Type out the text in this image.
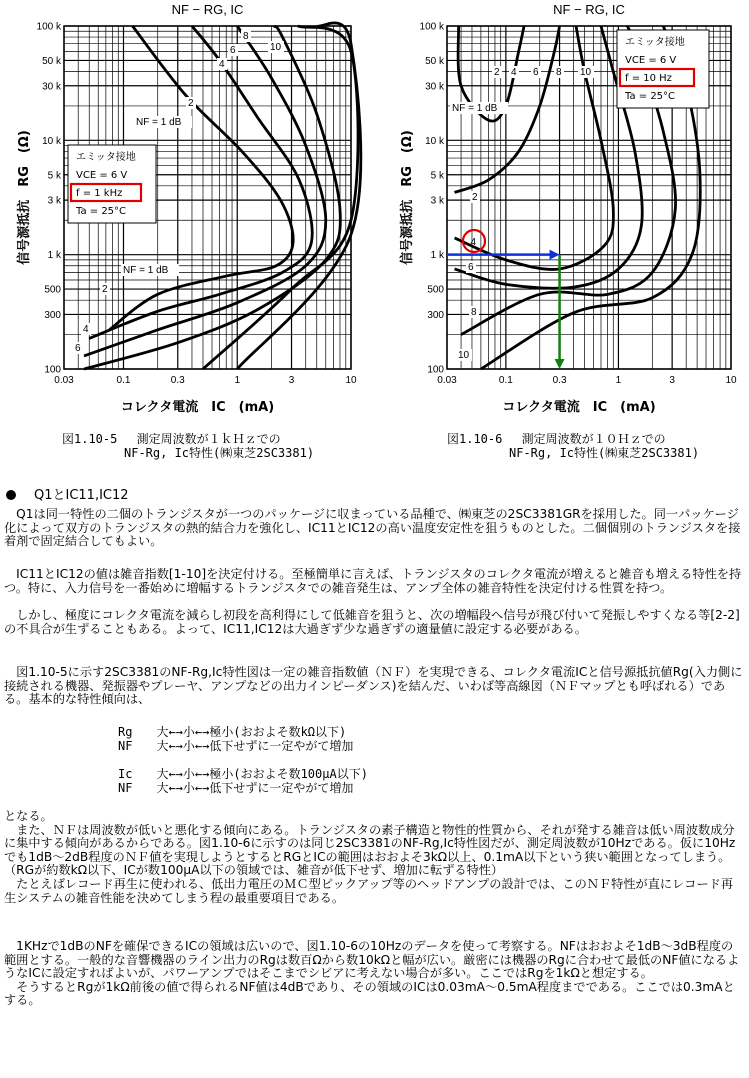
NF − RG, IC
0.03	0.1	0.3	1	3	10
100
300
500
1 k
3 k
5 k
10 k
30 k
50 k
100 k
コレクタ電流　IC　(mA)
信号源抵抗　RG　(Ω)
NF = 1 dB
2
4
6
NF = 1 dB
2
4
6
8
10
エミッタ接地
VCE = 6 V
f = 1 kHz
Ta = 25°C
NF − RG, IC
0.03	0.1	0.3	1	3	10
100
300
500
1 k
3 k
5 k
10 k
30 k
50 k
100 k
コレクタ電流　IC　(mA)
信号源抵抗　RG　(Ω)
NF = 1 dB
2 4 6 8 10
2
6
8
10
エミッタ接地
VCE = 6 V
f = 10 Hz
Ta = 25°C
4
図1.10-5　 測定周波数が１ｋＨｚでの
NF-Rg, Ic特性(㈱東芝2SC3381)
図1.10-6　 測定周波数が１０Ｈｚでの
NF-Rg, Ic特性(㈱東芝2SC3381)
Q1とIC11,IC12

　Q1は同一特性の二個のトランジスタが一つのパッケージに収まっている品種で、㈱東芝の2SC3381GRを採用した。同一パッケージ化によって双方のトランジスタの熱的結合力を強化し、IC11とIC12の高い温度安定性を狙うものとした。二個個別のトランジスタを接着剤で固定結合してもよい。

　IC11とIC12の値は雑音指数[1-10]を決定付ける。至極簡単に言えば、トランジスタのコレクタ電流が増えると雑音も増える特性を持つ。特に、入力信号を一番始めに増幅するトランジスタでの雑音発生は、アンプ全体の雑音特性を決定付ける性質を持つ。

　しかし、極度にコレクタ電流を減らし初段を高利得にして低雑音を狙うと、次の増幅段へ信号が飛び付いて発振しやすくなる等[2-2]の不具合が生ずることもある。よって、IC11,IC12は大過ぎず少な過ぎずの適量値に設定する必要がある。

　図1.10-5に示す2SC3381のNF-Rg,Ic特性図は一定の雑音指数値（ＮＦ）を実現できる、コレクタ電流ICと信号源抵抗値Rg(入力側に接続される機器、発振器やプレーヤ、アンプなどの出力インピーダンス)を結んだ、いわば等高線図（ＮＦマップとも呼ばれる）である。基本的な特性傾向は、

Rg　　大←→小←→極小(おおよそ数kΩ以下)

NF　　大←→小←→低下せずに一定やがて増加

Ic　　大←→小←→極小(おおよそ数100μA以下)

NF　　大←→小←→低下せずに一定やがて増加

となる。
　また、ＮＦは周波数が低いと悪化する傾向にある。トランジスタの素子構造と物性的性質から、それが発する雑音は低い周波数成分に集中する傾向があるからである。図1.10-6に示すのは同じ2SC3381のNF-Rg,Ic特性図だが、測定周波数が10Hzである。仮に10Hzでも1dB～2dB程度のＮＦ値を実現しようとするとRGとICの範囲はおおよそ3kΩ以上、0.1mA以下という狭い範囲となってしまう。
（RGが約数kΩ以下、ICが数100μA以下の領域では、雑音が低下せず、増加に転ずる特性）
　たとえばレコード再生に使われる、低出力電圧のＭＣ型ピックアップ等のヘッドアンプの設計では、このＮＦ特性が直にレコード再生システムの雑音性能を決めてしまう程の最重要項目である。

　1KHzで1dBのNFを確保できるICの領域は広いので、図1.10-6の10Hzのデータを使って考察する。NFはおおよそ1dB～3dB程度の範囲とする。一般的な音響機器のライン出力のRgは数百Ωから数10kΩと幅が広い。厳密には機器のRgに合わせて最低のNF値になるようなICに設定すればよいが、パワーアンプではそこまでシビアに考えない場合が多い。ここではRgを1kΩと想定する。
　そうするとRgが1kΩ前後の値で得られるNF値は4dBであり、その領域のICは0.03mA～0.5mA程度までである。ここでは0.3mAとする。
